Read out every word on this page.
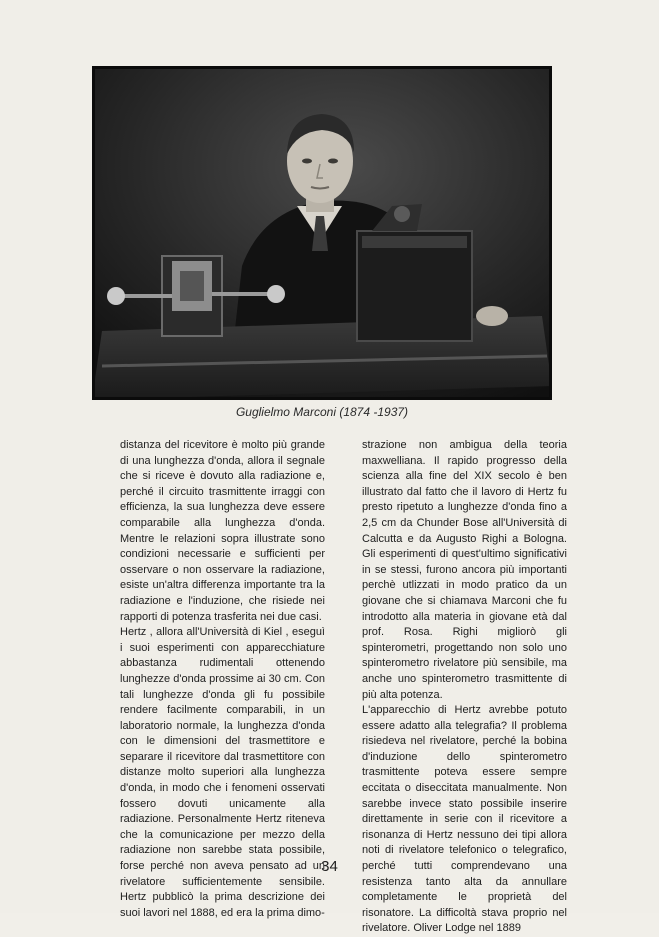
Guglielmo Marconi (1874 -1937)
distanza del ricevitore è molto più grande di una lunghezza d'onda, allora il segnale che si riceve è dovuto alla radiazione e, perché il circuito trasmittente irraggi con efficienza, la sua lunghezza deve essere comparabile alla lunghezza d'onda. Mentre le relazioni sopra illustrate sono condizioni necessarie e sufficienti per osservare o non osservare la radiazione, esiste un'altra differenza importante tra la radiazione e l'induzione, che risiede nei rapporti di potenza trasferita nei due casi.
Hertz , allora all'Università di Kiel , eseguì i suoi esperimenti con apparecchiature abbastanza rudimentali ottenendo lunghezze d'onda prossime ai 30 cm. Con tali lunghezze d'onda gli fu possibile rendere facilmente comparabili, in un laboratorio normale, la lunghezza d'onda con le dimensioni del trasmettitore e separare il ricevitore dal trasmettitore con distanze molto superiori alla lunghezza d'onda, in modo che i fenomeni osservati fossero dovuti unicamente alla radiazione. Personalmente Hertz riteneva che la comunicazione per mezzo della radiazione non sarebbe stata possibile, forse perché non aveva pensato ad un rivelatore sufficientemente sensibile. Hertz pubblicò la prima descrizione dei suoi lavori nel 1888, ed era la prima dimo-
strazione non ambigua della teoria maxwelliana. Il rapido progresso della scienza alla fine del XIX secolo è ben illustrato dal fatto che il lavoro di Hertz fu presto ripetuto a lunghezze d'onda fino a 2,5 cm da Chunder Bose all'Università di Calcutta e da Augusto Righi a Bologna. Gli esperimenti di quest'ultimo significativi in se stessi, furono ancora più importanti perchè utlizzati in modo pratico da un giovane che si chiamava Marconi che fu introdotto alla materia in giovane età dal prof. Rosa. Righi migliorò gli spinterometri, progettando non solo uno spinterometro rivelatore più sensibile, ma anche uno spinterometro trasmittente di più alta potenza.
L'apparecchio di Hertz avrebbe potuto essere adatto alla telegrafia? Il problema risiedeva nel rivelatore, perché la bobina d'induzione dello spinterometro trasmittente poteva essere sempre eccitata o diseccitata manualmente. Non sarebbe invece stato possibile inserire direttamente in serie con il ricevitore a risonanza di Hertz nessuno dei tipi allora noti di rivelatore telefonico o telegrafico, perché tutti comprendevano una resistenza tanto alta da annullare completamente le proprietà del risonatore. La difficoltà stava proprio nel rivelatore. Oliver Lodge nel 1889
34
